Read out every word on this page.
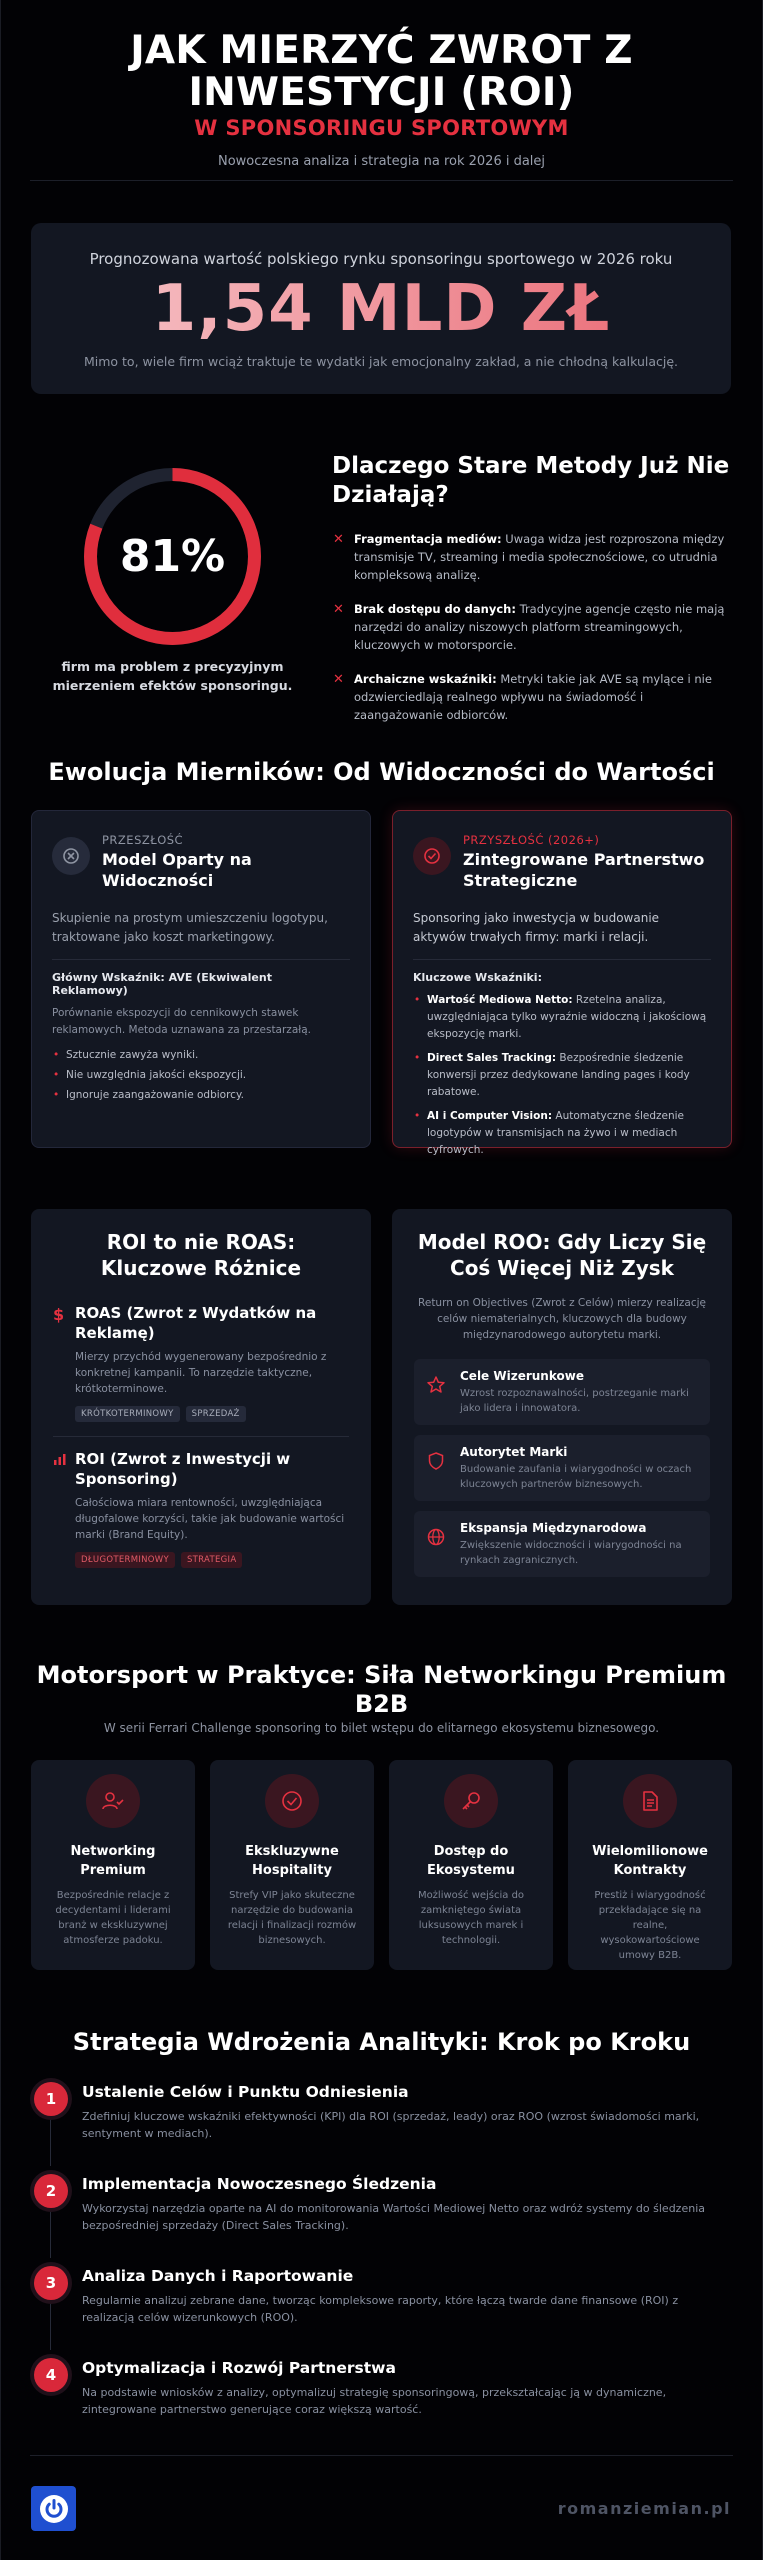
JAK MIERZYĆ ZWROT Z
INWESTYCJI (ROI)
W SPONSORINGU SPORTOWYM
Nowoczesna analiza i strategia na rok 2026 i dalej
Prognozowana wartość polskiego rynku sponsoringu sportowego w 2026 roku
1,54 MLD ZŁ
Mimo to, wiele firm wciąż traktuje te wydatki jak emocjonalny zakład, a nie chłodną kalkulację.
81%
firm ma problem z precyzyjnym mierzeniem efektów sponsoringu.
Dlaczego Stare Metody Już Nie Działają?
✕ Fragmentacja mediów: Uwaga widza jest rozproszona między transmisje TV, streaming i media społecznościowe, co utrudnia kompleksową analizę.
✕ Brak dostępu do danych: Tradycyjne agencje często nie mają narzędzi do analizy niszowych platform streamingowych, kluczowych w motorsporcie.
✕ Archaiczne wskaźniki: Metryki takie jak AVE są mylące i nie odzwierciedlają realnego wpływu na świadomość i zaangażowanie odbiorców.
Ewolucja Mierników: Od Widoczności do Wartości
PRZESZŁOŚĆ
Model Oparty na Widoczności
Skupienie na prostym umieszczeniu logotypu, traktowane jako koszt marketingowy.
Główny Wskaźnik: AVE (Ekwiwalent Reklamowy)
Porównanie ekspozycji do cennikowych stawek reklamowych. Metoda uznawana za przestarzałą.
• Sztucznie zawyża wyniki.
• Nie uwzględnia jakości ekspozycji.
• Ignoruje zaangażowanie odbiorcy.
PRZYSZŁOŚĆ (2026+)
Zintegrowane Partnerstwo Strategiczne
Sponsoring jako inwestycja w budowanie aktywów trwałych firmy: marki i relacji.
Kluczowe Wskaźniki:
• Wartość Mediowa Netto: Rzetelna analiza, uwzględniająca tylko wyraźnie widoczną i jakościową ekspozycję marki.
• Direct Sales Tracking: Bezpośrednie śledzenie konwersji przez dedykowane landing pages i kody rabatowe.
• AI i Computer Vision: Automatyczne śledzenie logotypów w transmisjach na żywo i w mediach cyfrowych.
ROI to nie ROAS: Kluczowe Różnice
$ ROAS (Zwrot z Wydatków na Reklamę)

Mierzy przychód wygenerowany bezpośrednio z konkretnej kampanii. To narzędzie taktyczne, krótkoterminowe.

KRÓTKOTERMINOWY	SPRZEDAŻ
ROI (Zwrot z Inwestycji w Sponsoring)

Całościowa miara rentowności, uwzględniająca długofalowe korzyści, takie jak budowanie wartości marki (Brand Equity).

DŁUGOTERMINOWY	STRATEGIA
Model ROO: Gdy Liczy Się Coś Więcej Niż Zysk
Return on Objectives (Zwrot z Celów) mierzy realizację celów niematerialnych, kluczowych dla budowy międzynarodowego autorytetu marki.
Cele Wizerunkowe

Wzrost rozpoznawalności, postrzeganie marki jako lidera i innowatora.

Autorytet Marki

Budowanie zaufania i wiarygodności w oczach kluczowych partnerów biznesowych.

Ekspansja Międzynarodowa

Zwiększenie widoczności i wiarygodności na rynkach zagranicznych.

Motorsport w Praktyce: Siła Networkingu Premium
B2B
W serii Ferrari Challenge sponsoring to bilet wstępu do elitarnego ekosystemu biznesowego.
Networking Premium

Bezpośrednie relacje z decydentami i liderami branż w ekskluzywnej atmosferze padoku.

Ekskluzywne Hospitality

Strefy VIP jako skuteczne narzędzie do budowania relacji i finalizacji rozmów biznesowych.

Dostęp do Ekosystemu

Możliwość wejścia do zamkniętego świata luksusowych marek i technologii.

Wielomilionowe Kontrakty

Prestiż i wiarygodność przekładające się na realne, wysokowartościowe umowy B2B.

Strategia Wdrożenia Analityki: Krok po Kroku
1	Ustalenie Celów i Punktu Odniesienia

Zdefiniuj kluczowe wskaźniki efektywności (KPI) dla ROI (sprzedaż, leady) oraz ROO (wzrost świadomości marki, sentyment w mediach).

2	Implementacja Nowoczesnego Śledzenia

Wykorzystaj narzędzia oparte na AI do monitorowania Wartości Mediowej Netto oraz wdróż systemy do śledzenia bezpośredniej sprzedaży (Direct Sales Tracking).

3	Analiza Danych i Raportowanie

Regularnie analizuj zebrane dane, tworząc kompleksowe raporty, które łączą twarde dane finansowe (ROI) z realizacją celów wizerunkowych (ROO).

4	Optymalizacja i Rozwój Partnerstwa

Na podstawie wniosków z analizy, optymalizuj strategię sponsoringową, przekształcając ją w dynamiczne, zintegrowane partnerstwo generujące coraz większą wartość.

romanziemian.pl
